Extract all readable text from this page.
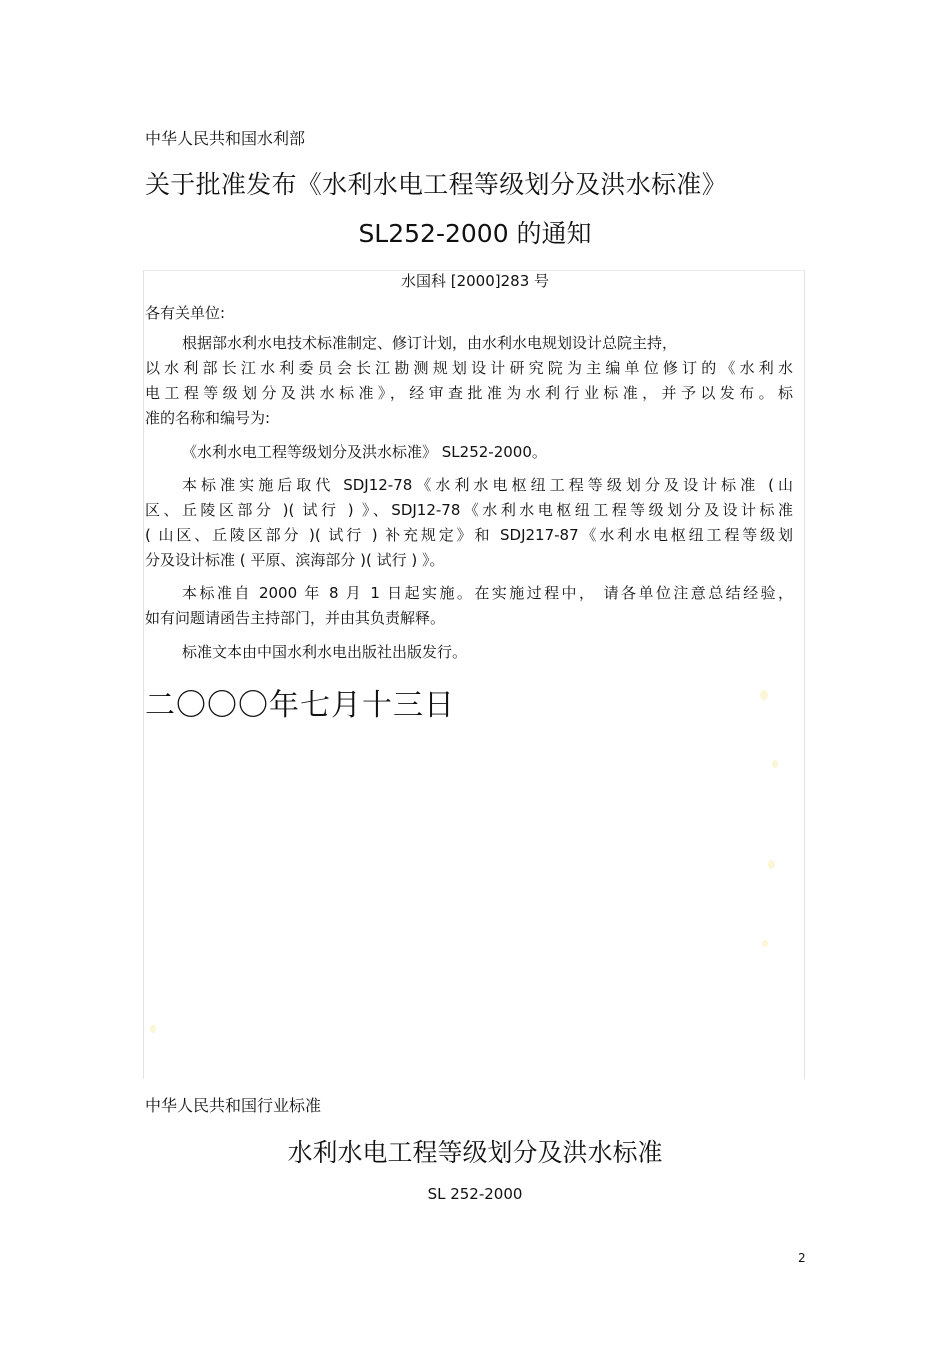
中华人民共和国水利部
关于批准发布《水利水电工程等级划分及洪水标准》
SL252-2000 的通知
水国科 [2000]283 号
各有关单位:
根据部水利水电技术标准制定、修订计划，由水利水电规划设计总院主持，
以水利部长江水利委员会长江勘测规划设计研究院为主编单位修订的《水利水
电工程等级划分及洪水标准》，经审查批准为水利行业标准，并予以发布。标
准的名称和编号为:
《水利水电工程等级划分及洪水标准》 SL252-2000。
本标准实施后取代 SDJ12-78《水利水电枢纽工程等级划分及设计标准 (山
区、丘陵区部分 )( 试行 ) 》、SDJ12-78《水利水电枢纽工程等级划分及设计标准
( 山区、丘陵区部分 )( 试行 ) 补充规定》和 SDJ217-87《水利水电枢纽工程等级划
分及设计标准 ( 平原、滨海部分 )( 试行 ) 》。
本标准自 2000 年 8 月 1 日起实施。在实施过程中， 请各单位注意总结经验，
如有问题请函告主持部门，并由其负责解释。
标准文本由中国水利水电出版社出版发行。
二〇〇〇年七月十三日
中华人民共和国行业标准
水利水电工程等级划分及洪水标准
SL 252-2000
2
